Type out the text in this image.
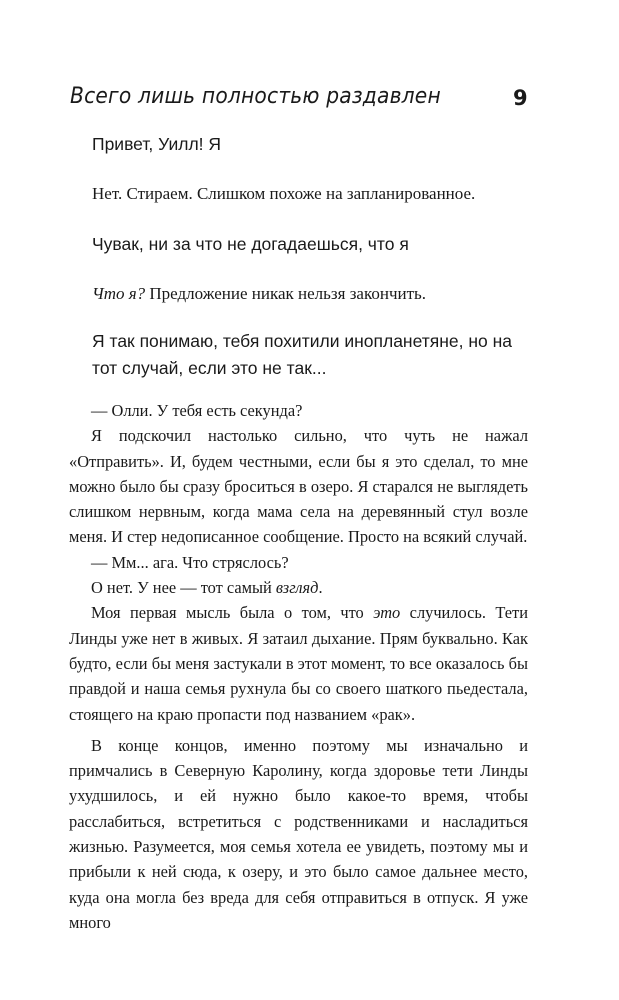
Всего лишь полностью раздавлен	9
Привет, Уилл! Я
Нет. Стираем. Слишком похоже на запланированное.
Чувак, ни за что не догадаешься, что я
Что я? Предложение никак нельзя закончить.
Я так понимаю, тебя похитили инопланетяне, но на
тот случай, если это не так...

— Олли. У тебя есть секунда?

Я подскочил настолько сильно, что чуть не нажал «Отправить». И, будем честными, если бы я это сделал, то мне можно было бы сразу броситься в озеро. Я старался не выглядеть слишком нервным, когда мама села на деревянный стул возле меня. И стер недописанное сообщение. Просто на всякий случай.

— Мм... ага. Что стряслось?

О нет. У нее — тот самый взгляд.

Моя первая мысль была о том, что это случилось. Тети Линды уже нет в живых. Я затаил дыхание. Прям буквально. Как будто, если бы меня застукали в этот момент, то все оказалось бы правдой и наша семья рухнула бы со своего шаткого пьедестала, стоящего на краю пропасти под названием «рак».

В конце концов, именно поэтому мы изначально и примчались в Северную Каролину, когда здоровье тети Линды ухудшилось, и ей нужно было какое-то время, чтобы расслабиться, встретиться с родственниками и насладиться жизнью. Разумеется, моя семья хотела ее увидеть, поэтому мы и прибыли к ней сюда, к озеру, и это было самое дальнее место, куда она могла без вреда для себя отправиться в отпуск. Я уже много
